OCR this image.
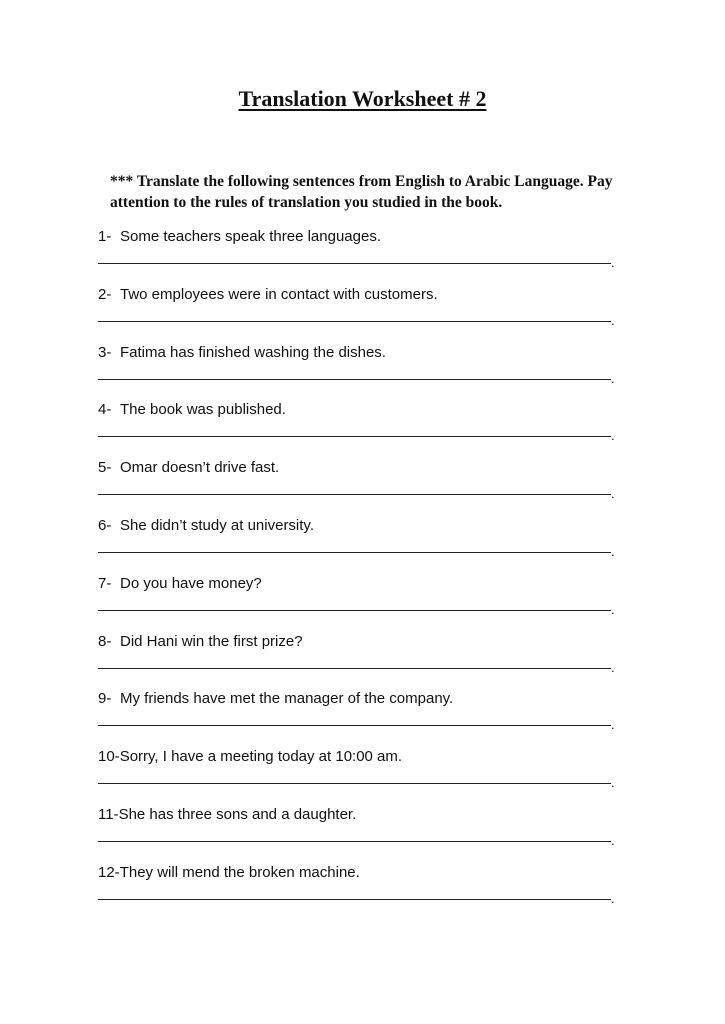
Translation Worksheet # 2

*** Translate the following sentences from English to Arabic Language. Pay attention to the rules of translation you studied in the book.

1- Some teachers speak three languages.
.
2- Two employees were in contact with customers.
.
3- Fatima has finished washing the dishes.
.
4- The book was published.
.
5- Omar doesn’t drive fast.
.
6- She didn’t study at university.
.
7- Do you have money?
.
8- Did Hani win the first prize?
.
9- My friends have met the manager of the company.
.
10-Sorry, I have a meeting today at 10:00 am.
.
11-She has three sons and a daughter.
.
12-They will mend the broken machine.
.
